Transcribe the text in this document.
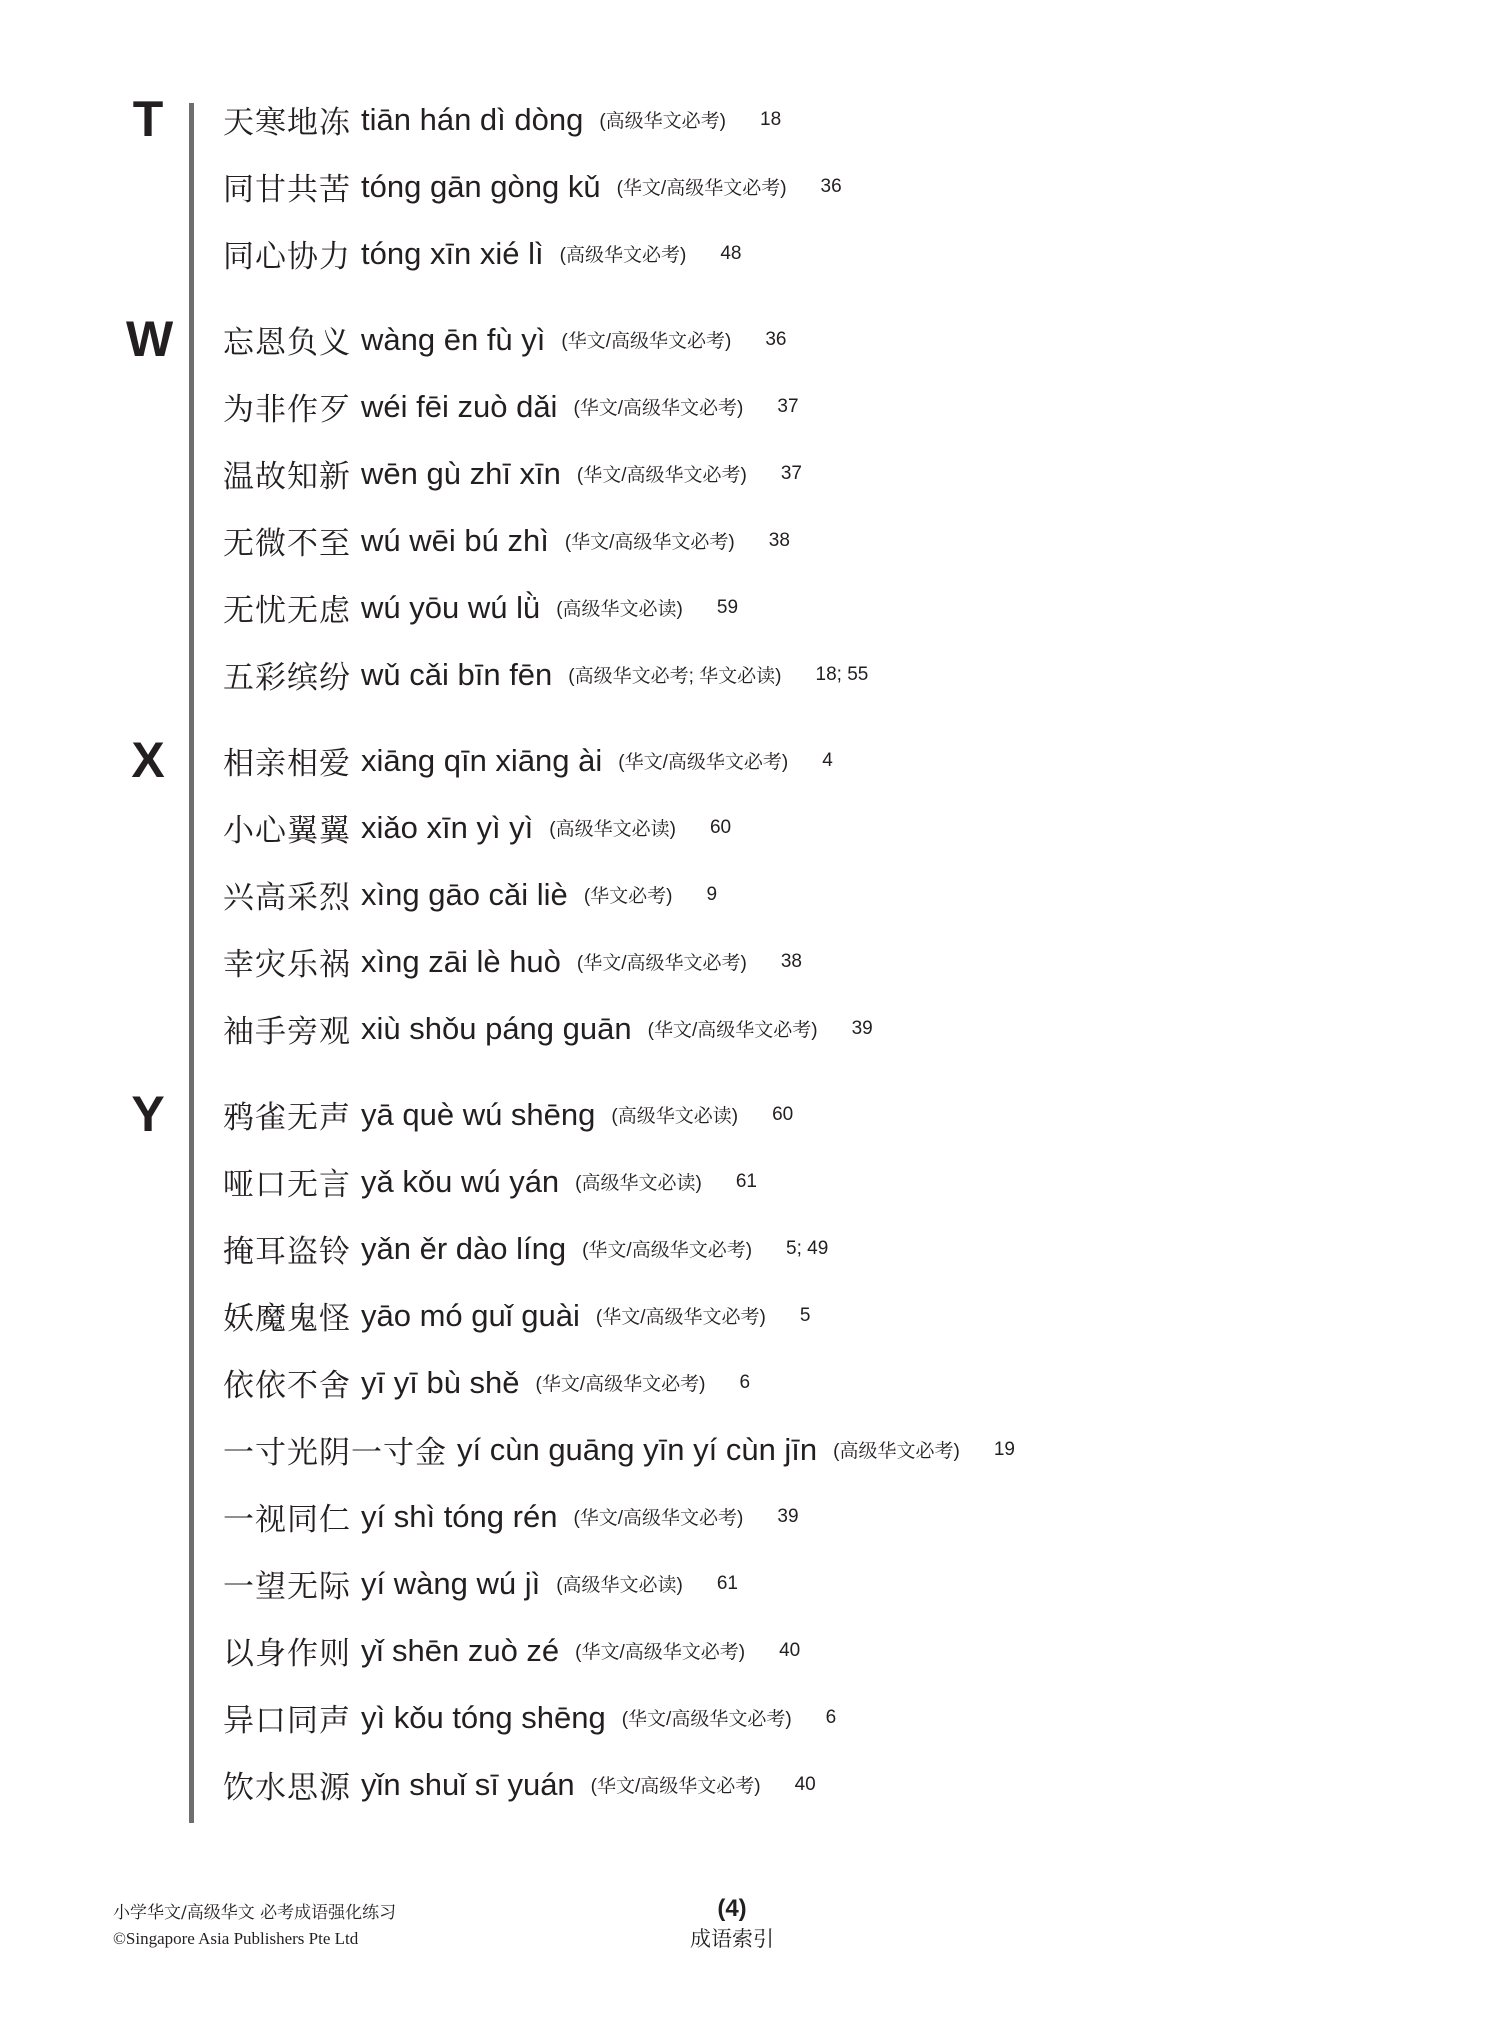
T 天寒地冻 tiān hán dì dòng (高级华文必考) 18
同甘共苦 tóng gān gòng kǔ (华文/高级华文必考) 36
同心协力 tóng xīn xié lì (高级华文必考) 48
W 忘恩负义 wàng ēn fù yì (华文/高级华文必考) 36
为非作歹 wéi fēi zuò dǎi (华文/高级华文必考) 37
温故知新 wēn gù zhī xīn (华文/高级华文必考) 37
无微不至 wú wēi bú zhì (华文/高级华文必考) 38
无忧无虑 wú yōu wú lǜ (高级华文必读) 59
五彩缤纷 wǔ cǎi bīn fēn (高级华文必考; 华文必读) 18; 55
X 相亲相爱 xiāng qīn xiāng ài (华文/高级华文必考) 4
小心翼翼 xiǎo xīn yì yì (高级华文必读) 60
兴高采烈 xìng gāo cǎi liè (华文必考) 9
幸灾乐祸 xìng zāi lè huò (华文/高级华文必考) 38
袖手旁观 xiù shǒu páng guān (华文/高级华文必考) 39
Y 鸦雀无声 yā què wú shēng (高级华文必读) 60
哑口无言 yǎ kǒu wú yán (高级华文必读) 61
掩耳盗铃 yǎn ěr dào líng (华文/高级华文必考) 5; 49
妖魔鬼怪 yāo mó guǐ guài (华文/高级华文必考) 5
依依不舍 yī yī bù shě (华文/高级华文必考) 6
一寸光阴一寸金 yí cùn guāng yīn yí cùn jīn (高级华文必考) 19
一视同仁 yí shì tóng rén (华文/高级华文必考) 39
一望无际 yí wàng wú jì (高级华文必读) 61
以身作则 yǐ shēn zuò zé (华文/高级华文必考) 40
异口同声 yì kǒu tóng shēng (华文/高级华文必考) 6
饮水思源 yǐn shuǐ sī yuán (华文/高级华文必考) 40
小学华文/高级华文 必考成语强化练习
©Singapore Asia Publishers Pte Ltd
(4)
成语索引
